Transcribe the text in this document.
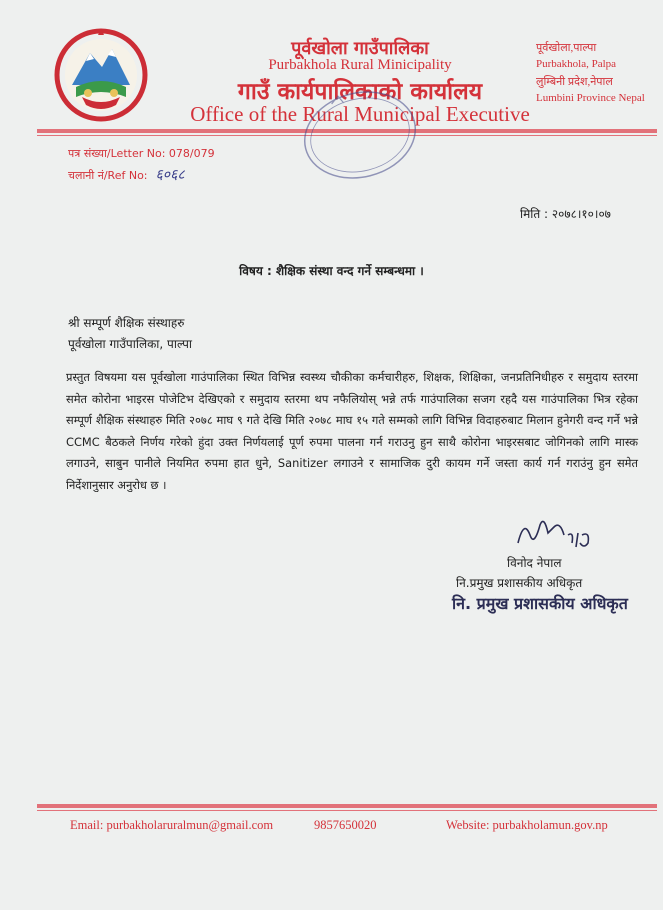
पूर्वखोला गाउँपालिका
Purbakhola Rural Minicipality
गाउँ कार्यपालिकाको कार्यालय
Office of the Rural Municipal Executive
पूर्वखोला,पाल्पा
Purbakhola, Palpa
लुम्बिनी प्रदेश,नेपाल
Lumbini Province Nepal
पत्र संख्या/Letter No: 078/079
चलानी नं/Ref No: ६०६८
मिति : २०७८।१०।०७
विषय : शैक्षिक संस्था वन्द गर्ने सम्बन्धमा ।
श्री सम्पूर्ण शैक्षिक संस्थाहरु
पूर्वखोला गाउँपालिका, पाल्पा
प्रस्तुत विषयमा यस पूर्वखोला गाउंपालिका स्थित विभिन्न स्वस्थ्य चौकीका कर्मचारीहरु, शिक्षक, शिक्षिका, जनप्रतिनिधीहरु र समुदाय स्तरमा समेत कोरोना भाइरस पोजेटिभ देखिएको र समुदाय स्तरमा थप नफैलियोस् भन्ने तर्फ गाउंपालिका सजग रहदै यस गाउंपालिका भित्र रहेका सम्पूर्ण शैक्षिक संस्थाहरु मिति २०७८ माघ ९ गते देखि मिति २०७८ माघ १५ गते सम्मको लागि विभिन्न विदाहरुबाट मिलान हुनेगरी वन्द गर्ने भन्ने CCMC बैठकले निर्णय गरेको हुंदा उक्त निर्णयलाई पूर्ण रुपमा पालना गर्न गराउनु हुन साथै कोरोना भाइरसबाट जोगिनको लागि मास्क लगाउने, साबुन पानीले नियमित रुपमा हात धुने, Sanitizer लगाउने र सामाजिक दुरी कायम गर्ने जस्ता कार्य गर्न गराउंनु हुन समेत निर्देशानुसार अनुरोध छ ।
विनोद नेपाल
नि.प्रमुख प्रशासकीय अधिकृत
नि. प्रमुख प्रशासकीय अधिकृत
Email: purbakholaruralmun@gmail.com	9857650020	Website: purbakholamun.gov.np
